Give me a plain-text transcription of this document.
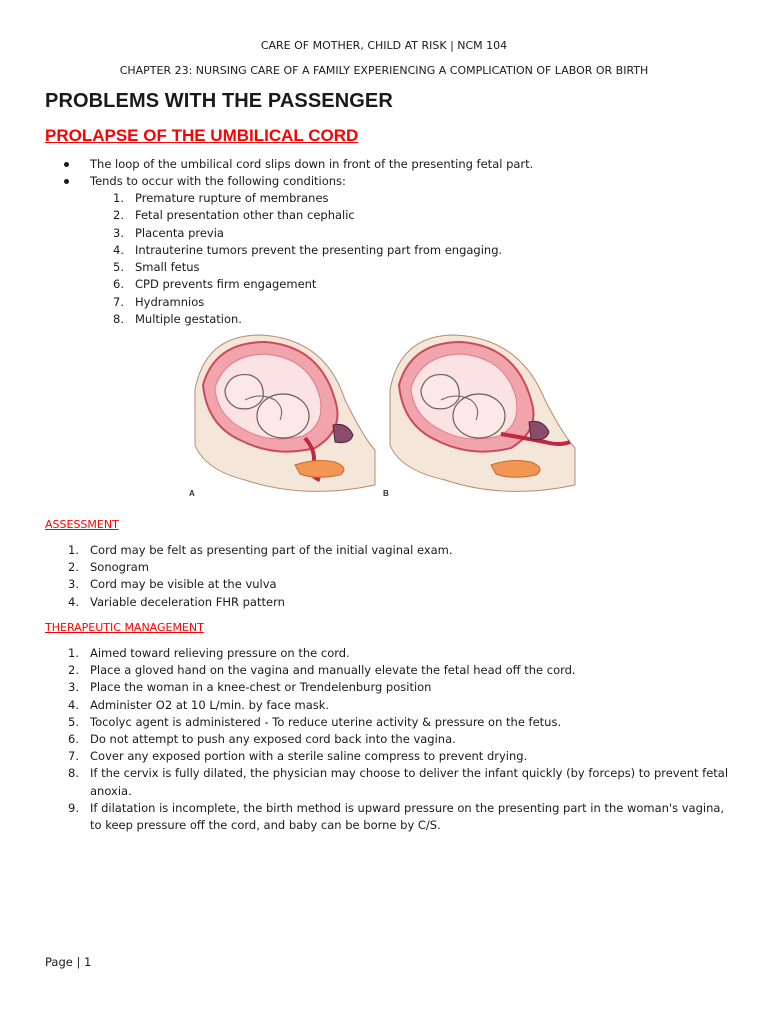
CARE OF MOTHER, CHILD AT RISK | NCM 104
CHAPTER 23: NURSING CARE OF A FAMILY EXPERIENCING A COMPLICATION OF LABOR OR BIRTH
PROBLEMS WITH THE PASSENGER
PROLAPSE OF THE UMBILICAL CORD
The loop of the umbilical cord slips down in front of the presenting fetal part.
Tends to occur with the following conditions:
1. Premature rupture of membranes
2. Fetal presentation other than cephalic
3. Placenta previa
4. Intrauterine tumors prevent the presenting part from engaging.
5. Small fetus
6. CPD prevents firm engagement
7. Hydramnios
8. Multiple gestation.
A	B
ASSESSMENT
1. Cord may be felt as presenting part of the initial vaginal exam.
2. Sonogram
3. Cord may be visible at the vulva
4. Variable deceleration FHR pattern
THERAPEUTIC MANAGEMENT
1. Aimed toward relieving pressure on the cord.
2. Place a gloved hand on the vagina and manually elevate the fetal head off the cord.
3. Place the woman in a knee-chest or Trendelenburg position
4. Administer O2 at 10 L/min. by face mask.
5. Tocolyc agent is administered - To reduce uterine activity & pressure on the fetus.
6. Do not attempt to push any exposed cord back into the vagina.
7. Cover any exposed portion with a sterile saline compress to prevent drying.
8. If the cervix is fully dilated, the physician may choose to deliver the infant quickly (by forceps) to prevent fetal anoxia.
9. If dilatation is incomplete, the birth method is upward pressure on the presenting part in the woman's vagina, to keep pressure off the cord, and baby can be borne by C/S.
Page | 1
